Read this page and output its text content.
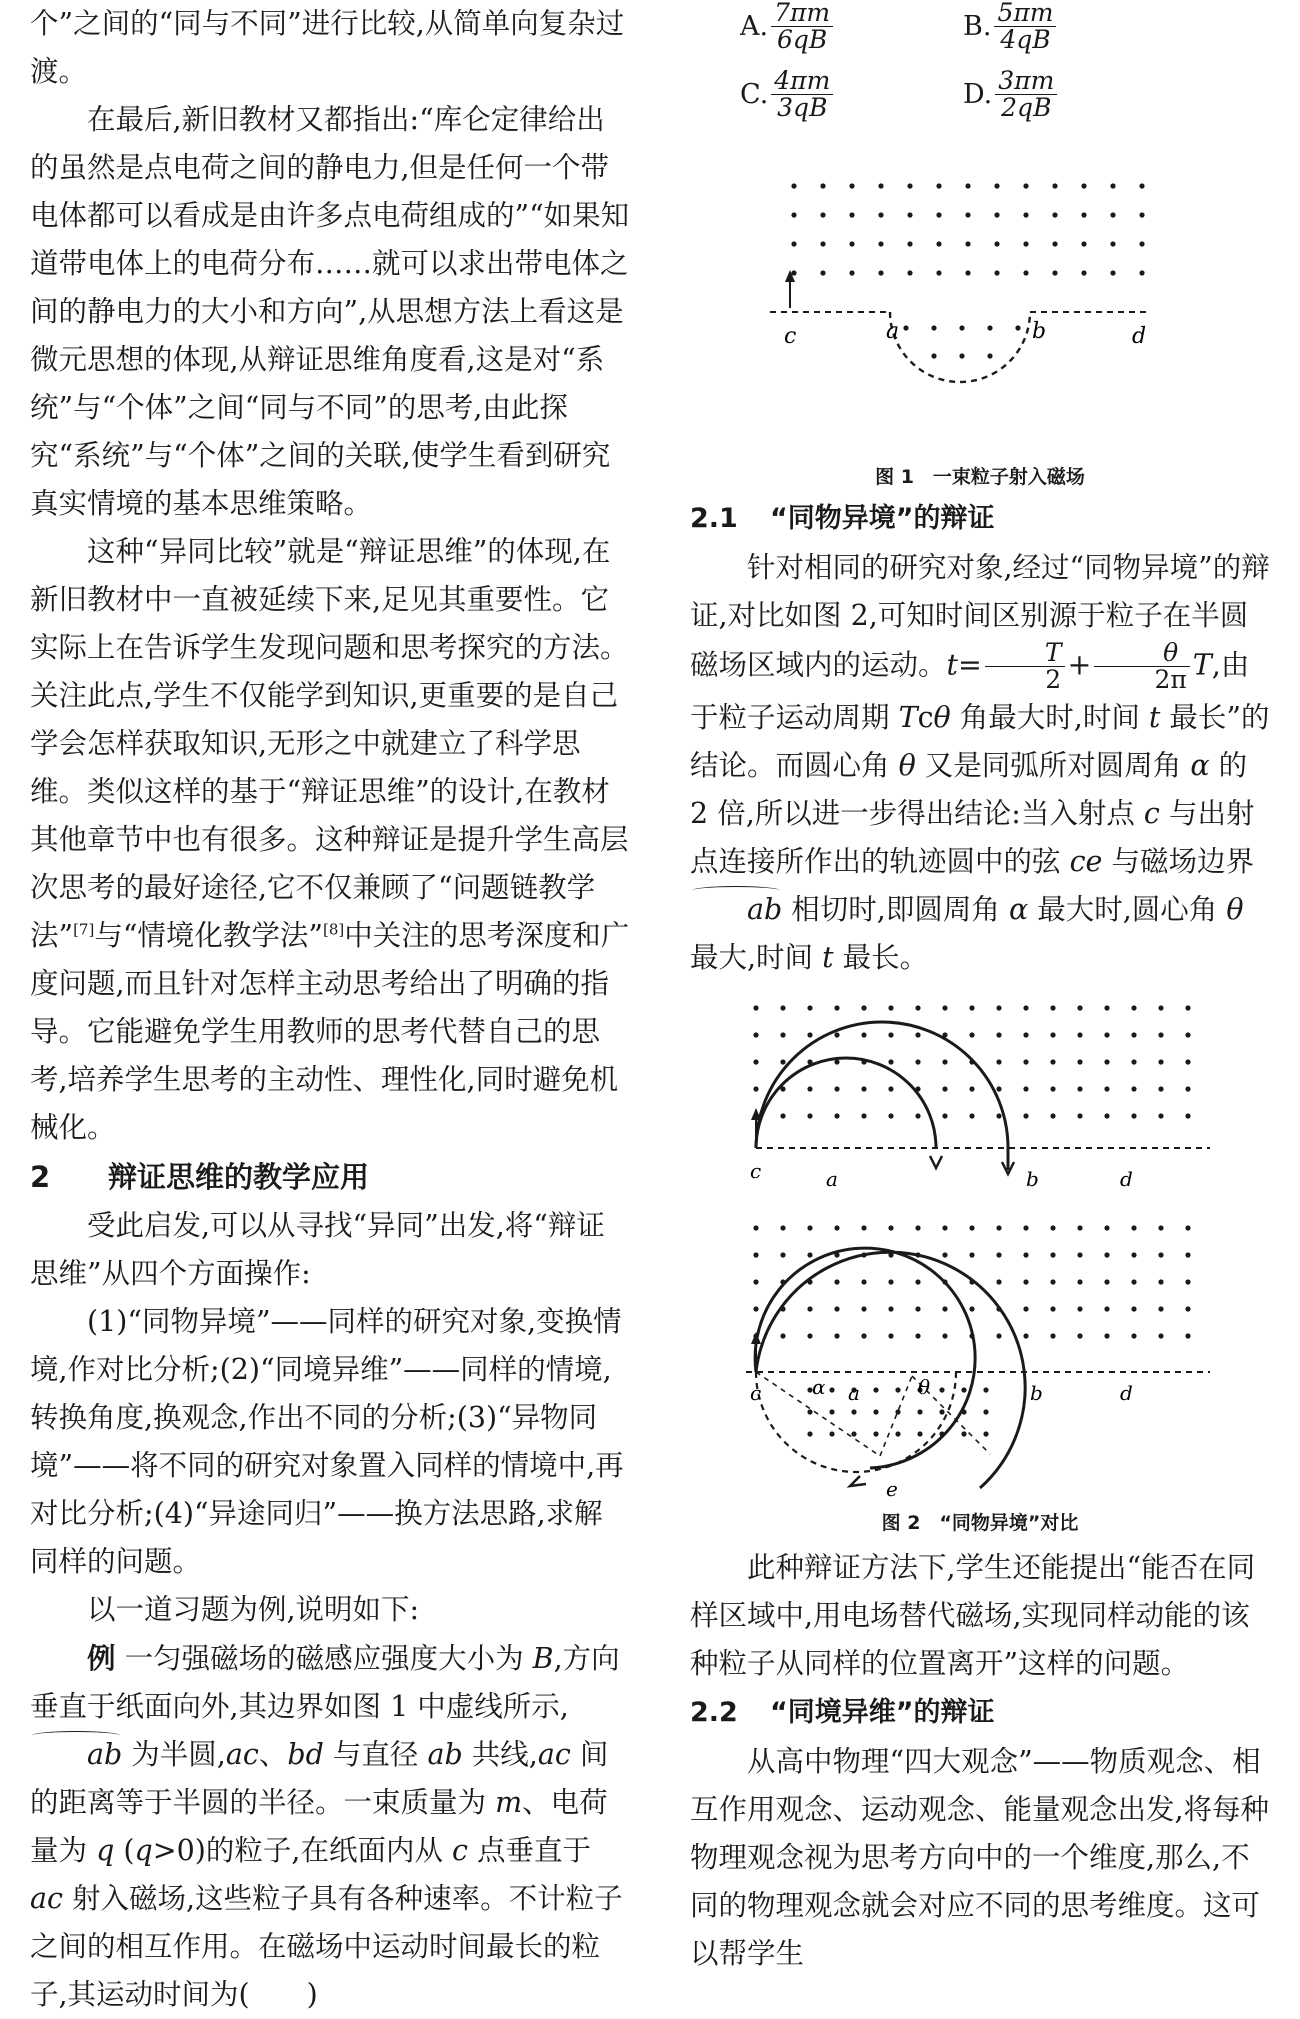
个”之间的“同与不同”进行比较,从简单向复杂过渡。

在最后,新旧教材又都指出:“库仑定律给出的虽然是点电荷之间的静电力,但是任何一个带电体都可以看成是由许多点电荷组成的”“如果知道带电体上的电荷分布……就可以求出带电体之间的静电力的大小和方向”,从思想方法上看这是微元思想的体现,从辩证思维角度看,这是对“系统”与“个体”之间“同与不同”的思考,由此探究“系统”与“个体”之间的关联,使学生看到研究真实情境的基本思维策略。

这种“异同比较”就是“辩证思维”的体现,在新旧教材中一直被延续下来,足见其重要性。它实际上在告诉学生发现问题和思考探究的方法。关注此点,学生不仅能学到知识,更重要的是自己学会怎样获取知识,无形之中就建立了科学思维。类似这样的基于“辩证思维”的设计,在教材其他章节中也有很多。这种辩证是提升学生高层次思考的最好途径,它不仅兼顾了“问题链教学法”[7]与“情境化教学法”[8]中关注的思考深度和广度问题,而且针对怎样主动思考给出了明确的指导。它能避免学生用教师的思考代替自己的思考,培养学生思考的主动性、理性化,同时避免机械化。

2 辩证思维的教学应用

受此启发,可以从寻找“异同”出发,将“辩证思维”从四个方面操作:

(1)“同物异境”——同样的研究对象,变换情境,作对比分析;(2)“同境异维”——同样的情境,转换角度,换观念,作出不同的分析;(3)“异物同境”——将不同的研究对象置入同样的情境中,再对比分析;(4)“异途同归”——换方法思路,求解同样的问题。

以一道习题为例,说明如下:

例 一匀强磁场的磁感应强度大小为 B,方向垂直于纸面向外,其边界如图 1 中虚线所示,ab 为半圆,ac、bd 与直径 ab 共线,ac 间的距离等于半圆的半径。一束质量为 m、电荷量为 q (q>0)的粒子,在纸面内从 c 点垂直于 ac 射入磁场,这些粒子具有各种速率。不计粒子之间的相互作用。在磁场中运动时间最长的粒子,其运动时间为(　　)

A. $\frac{7\pi m}{6qB}$	B. $\frac{5\pi m}{4qB}$
C. $\frac{4\pi m}{3qB}$	D. $\frac{3\pi m}{2qB}$
c	a	b	d

图 1　一束粒子射入磁场

2.1 “同物异境”的辩证

针对相同的研究对象,经过“同物异境”的辩证,对比如图 2,可知时间区别源于粒子在半圆磁场区域内的运动。$t= \frac{T}{2} + \frac{\theta}{2\pi} T$,由于粒子运动周期 Tcθ 角最大时,时间 t 最长”的结论。而圆心角 θ 又是同弧所对圆周角 α 的 2 倍,所以进一步得出结论:当入射点 c 与出射点连接所作出的轨迹圆中的弦 ce 与磁场边界ab 相切时,即圆周角 α 最大时,圆心角 θ 最大,时间 t 最长。

c	a	b	d
c	α a	θ	b	d
e

图 2　“同物异境”对比

此种辩证方法下,学生还能提出“能否在同样区域中,用电场替代磁场,实现同样动能的该种粒子从同样的位置离开”这样的问题。

2.2 “同境异维”的辩证

从高中物理“四大观念”——物质观念、相互作用观念、运动观念、能量观念出发,将每种物理观念视为思考方向中的一个维度,那么,不同的物理观念就会对应不同的思考维度。这可以帮学生
